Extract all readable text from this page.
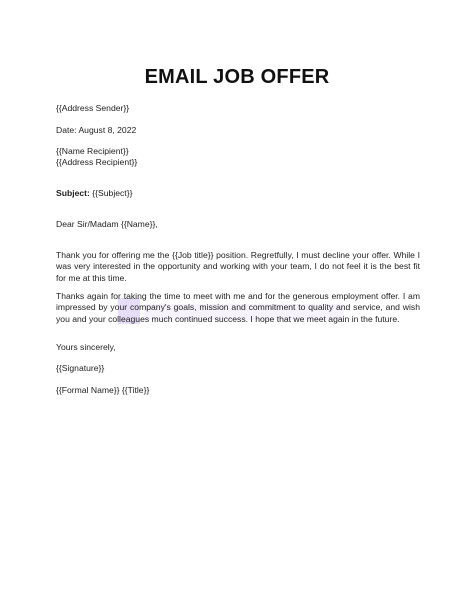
EMAIL JOB OFFER
{{Address Sender}}
Date: August 8, 2022
{{Name Recipient}}
{{Address Recipient}}
Subject: {{Subject}}
Dear Sir/Madam {{Name}},
Thank you for offering me the {{Job title}} position. Regretfully, I must decline your offer. While I was very interested in the opportunity and working with your team, I do not feel it is the best fit for me at this time.
Thanks again for taking the time to meet with me and for the generous employment offer. I am impressed by your company's goals, mission and commitment to quality and service, and wish you and your colleagues much continued success. I hope that we meet again in the future.
Yours sincerely,
{{Signature}}
{{Formal Name}} {{Title}}
